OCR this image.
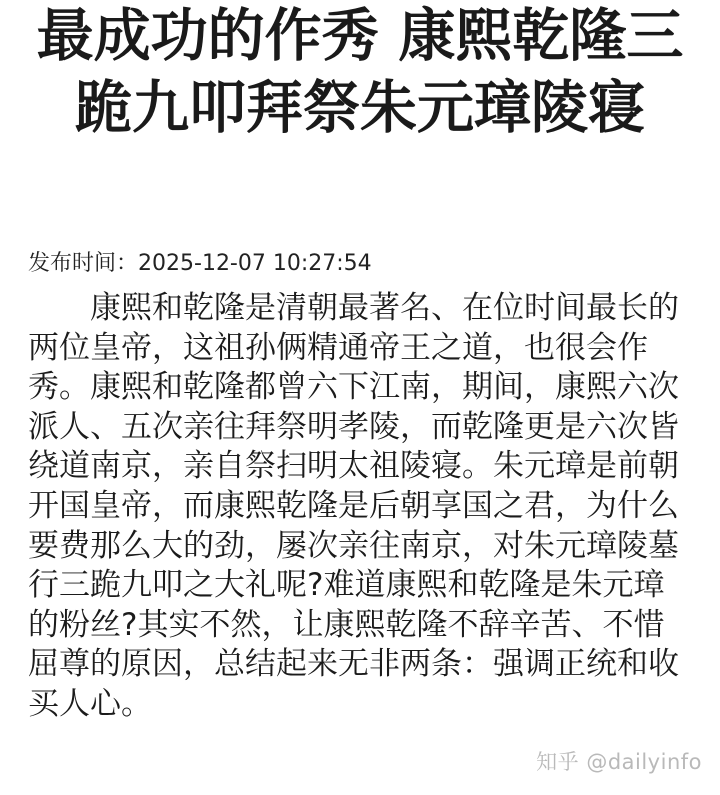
最成功的作秀 康熙乾隆三跪九叩拜祭朱元璋陵寝
发布时间：2025-12-07 10:27:54

康熙和乾隆是清朝最著名、在位时间最长的两位皇帝，这祖孙俩精通帝王之道，也很会作秀。康熙和乾隆都曾六下江南，期间，康熙六次派人、五次亲往拜祭明孝陵，而乾隆更是六次皆绕道南京，亲自祭扫明太祖陵寝。朱元璋是前朝开国皇帝，而康熙乾隆是后朝享国之君，为什么要费那么大的劲，屡次亲往南京，对朱元璋陵墓行三跪九叩之大礼呢?难道康熙和乾隆是朱元璋的粉丝?其实不然，让康熙乾隆不辞辛苦、不惜屈尊的原因，总结起来无非两条：强调正统和收买人心。

知乎 @dailyinfo
